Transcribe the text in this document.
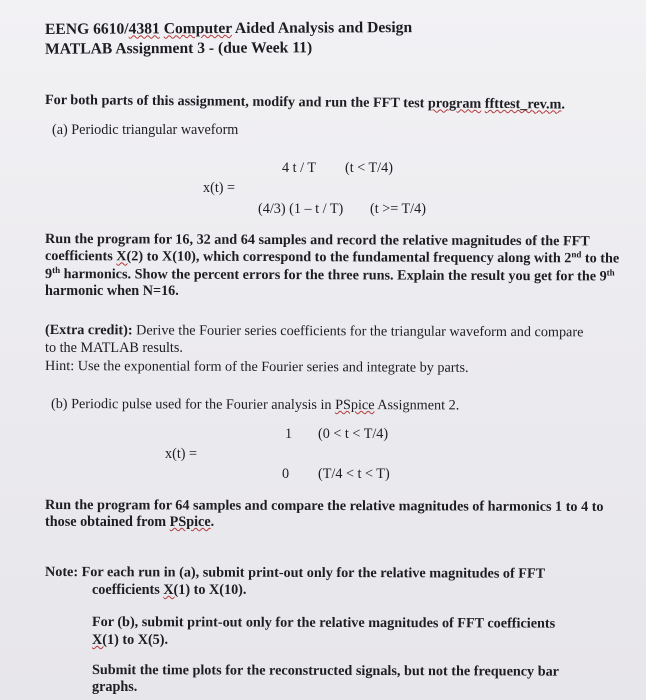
EENG 6610/4381 Computer Aided Analysis and Design
MATLAB Assignment 3 - (due Week 11)
For both parts of this assignment, modify and run the FFT test program ffttest_rev.m.
(a) Periodic triangular waveform
4 t / T (t < T/4)
x(t) =
(4/3) (1 – t / T) (t >= T/4)
Run the program for 16, 32 and 64 samples and record the relative magnitudes of the FFT
coefficients X(2) to X(10), which correspond to the fundamental frequency along with 2nd to the
9th harmonics. Show the percent errors for the three runs. Explain the result you get for the 9th
harmonic when N=16.
(Extra credit): Derive the Fourier series coefficients for the triangular waveform and compare
to the MATLAB results.
Hint: Use the exponential form of the Fourier series and integrate by parts.
(b) Periodic pulse used for the Fourier analysis in PSpice Assignment 2.
1 (0 < t < T/4)
x(t) =
0 (T/4 < t < T)
Run the program for 64 samples and compare the relative magnitudes of harmonics 1 to 4 to
those obtained from PSpice.
Note: For each run in (a), submit print-out only for the relative magnitudes of FFT
coefficients X(1) to X(10).
For (b), submit print-out only for the relative magnitudes of FFT coefficients
X(1) to X(5).
Submit the time plots for the reconstructed signals, but not the frequency bar
graphs.
